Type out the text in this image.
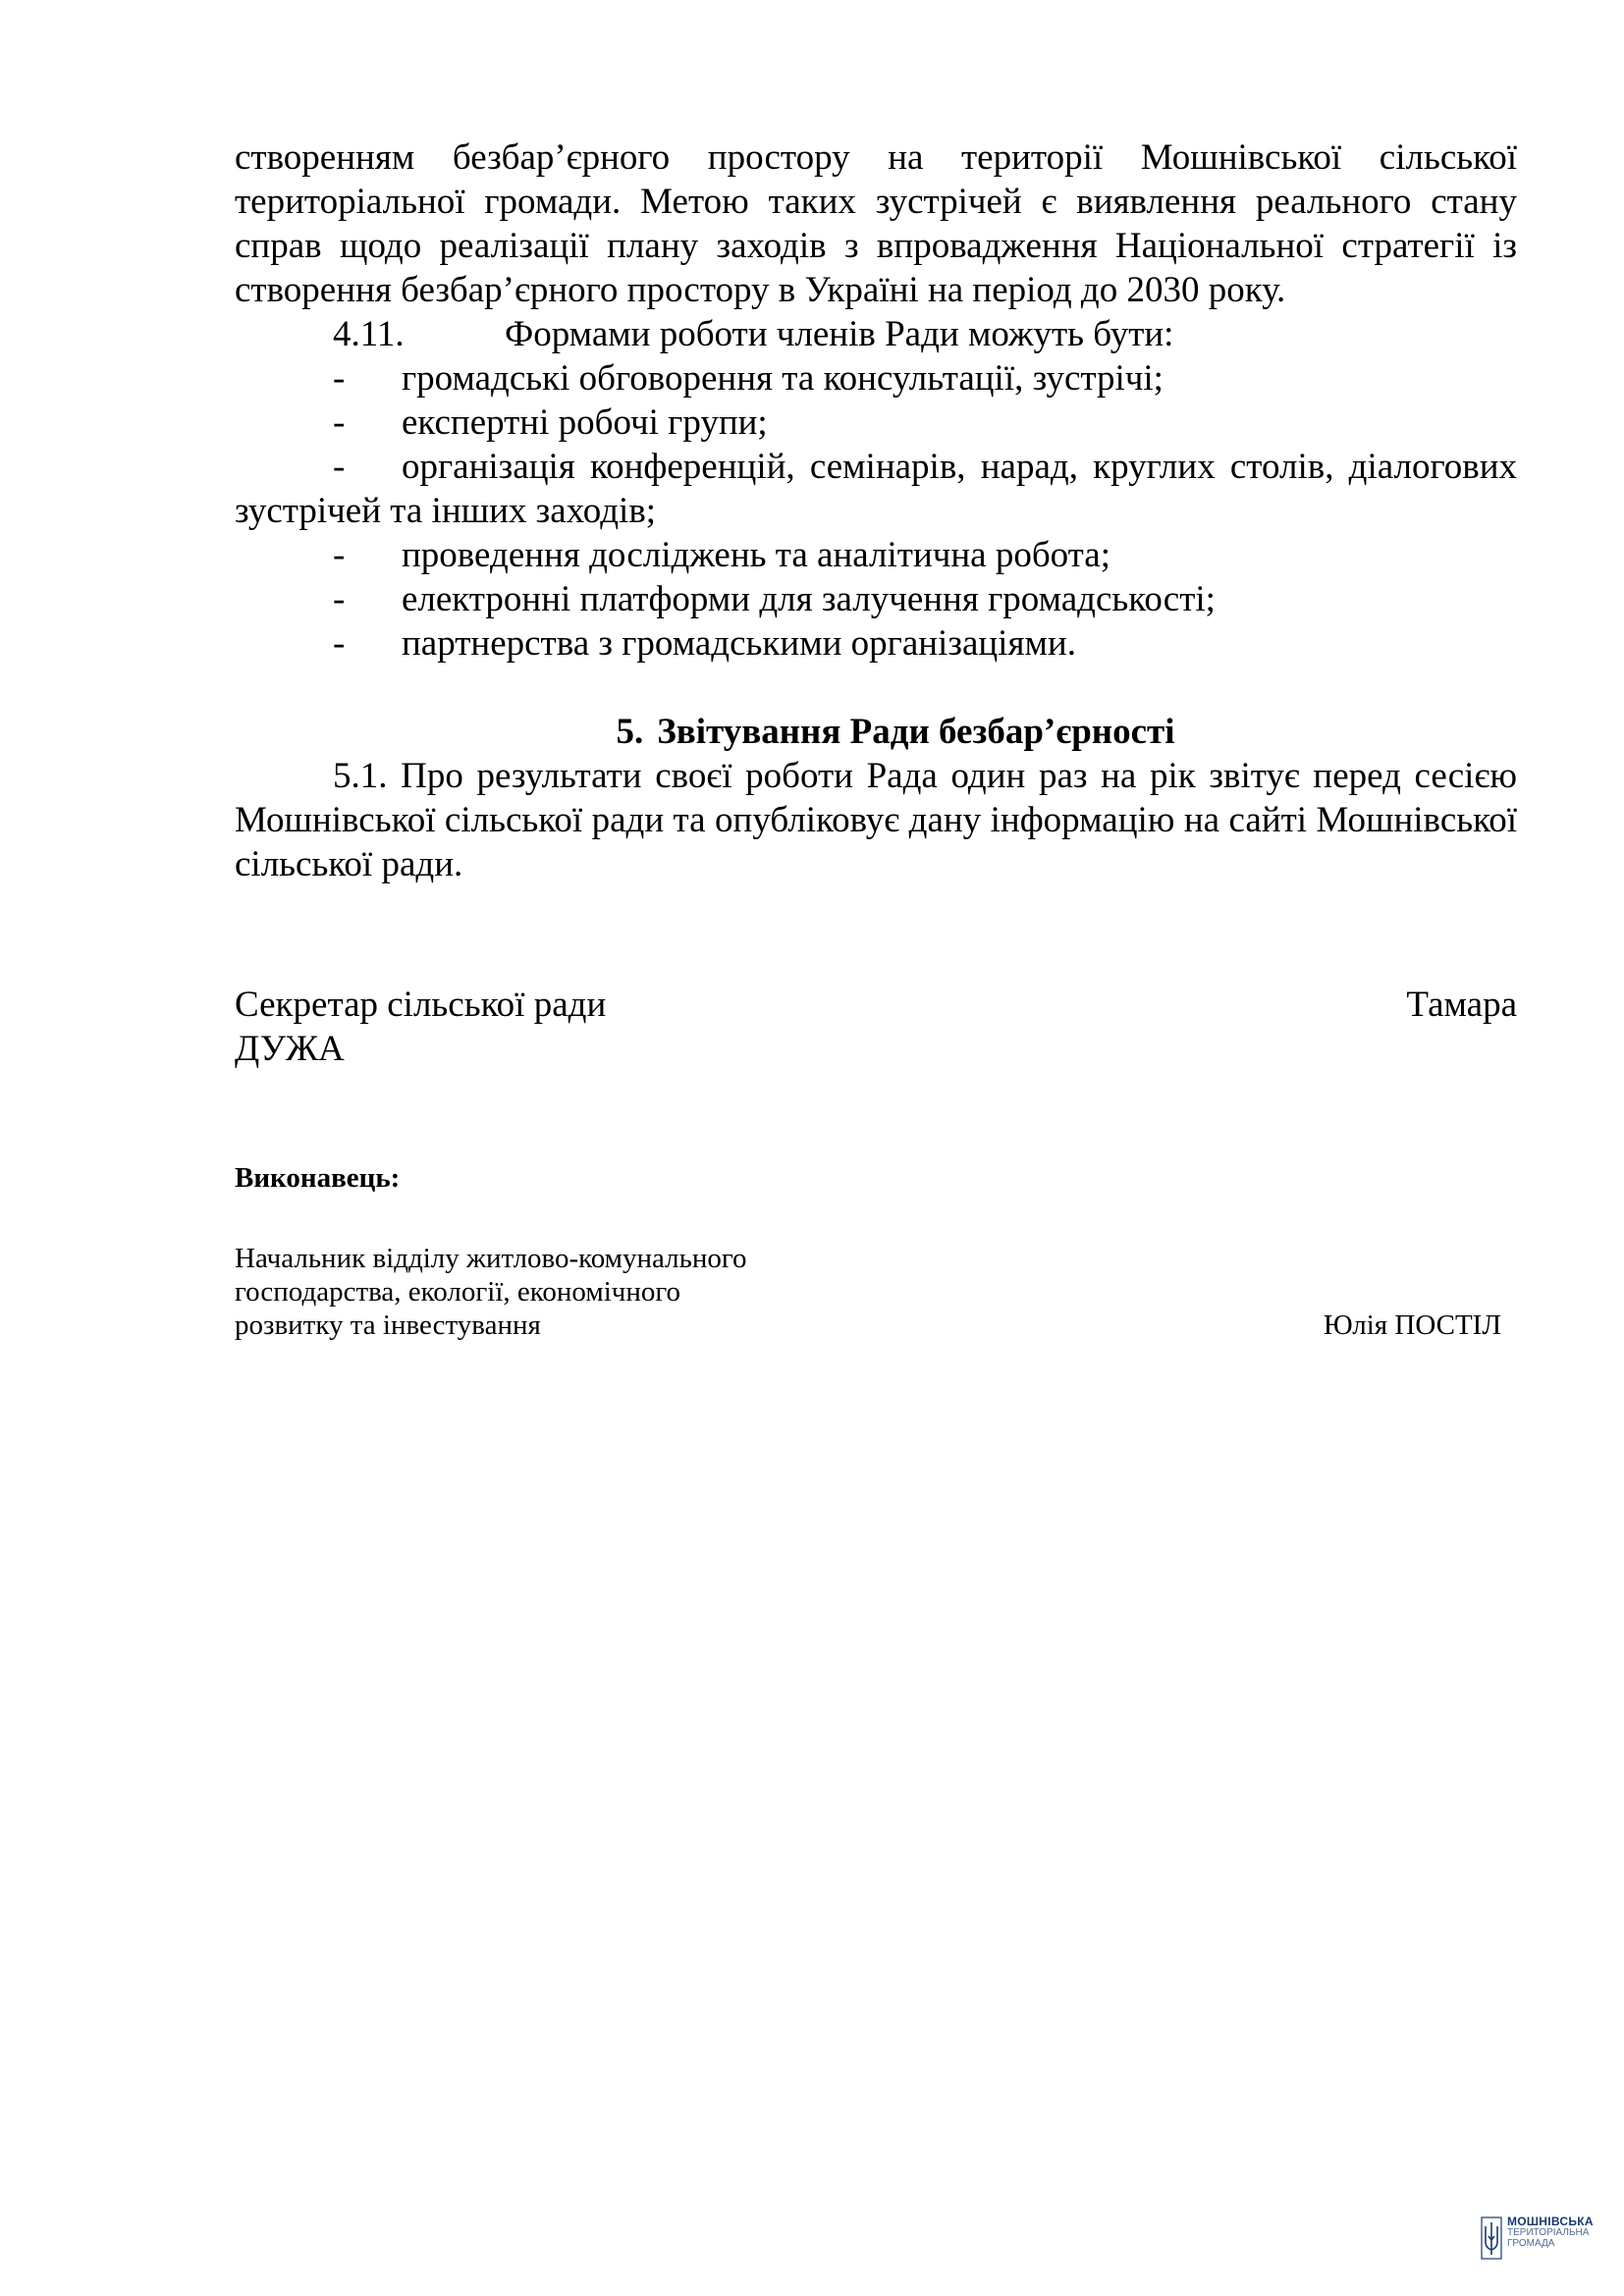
створенням безбар’єрного простору на території Мошнівської сільської територіальної громади. Метою таких зустрічей є виявлення реального стану справ щодо реалізації плану заходів з впровадження Національної стратегії із створення безбар’єрного простору в Україні на період до 2030 року.

4.11.	Формами роботи членів Ради можуть бути:
-	громадські обговорення та консультації, зустрічі;
-	експертні робочі групи;

- організація конференцій, семінарів, нарад, круглих столів, діалогових зустрічей та інших заходів;

-	проведення досліджень та аналітична робота;
-	електронні платформи для залучення громадськості;
-	партнерства з громадськими організаціями.
5. Звітування Ради безбар’єрності

5.1. Про результати своєї роботи Рада один раз на рік звітує перед сесією Мошнівської сільської ради та опубліковує дану інформацію на сайті Мошнівської сільської ради.

Секретар сільської ради	Тамара
ДУЖА
Виконавець:
Начальник відділу житлово-комунального
господарства, екології, економічного
розвитку та інвестування	Юлія ПОСТІЛ
МОШНІВСЬКА
ТЕРИТОРІАЛЬНА
ГРОМАДА
